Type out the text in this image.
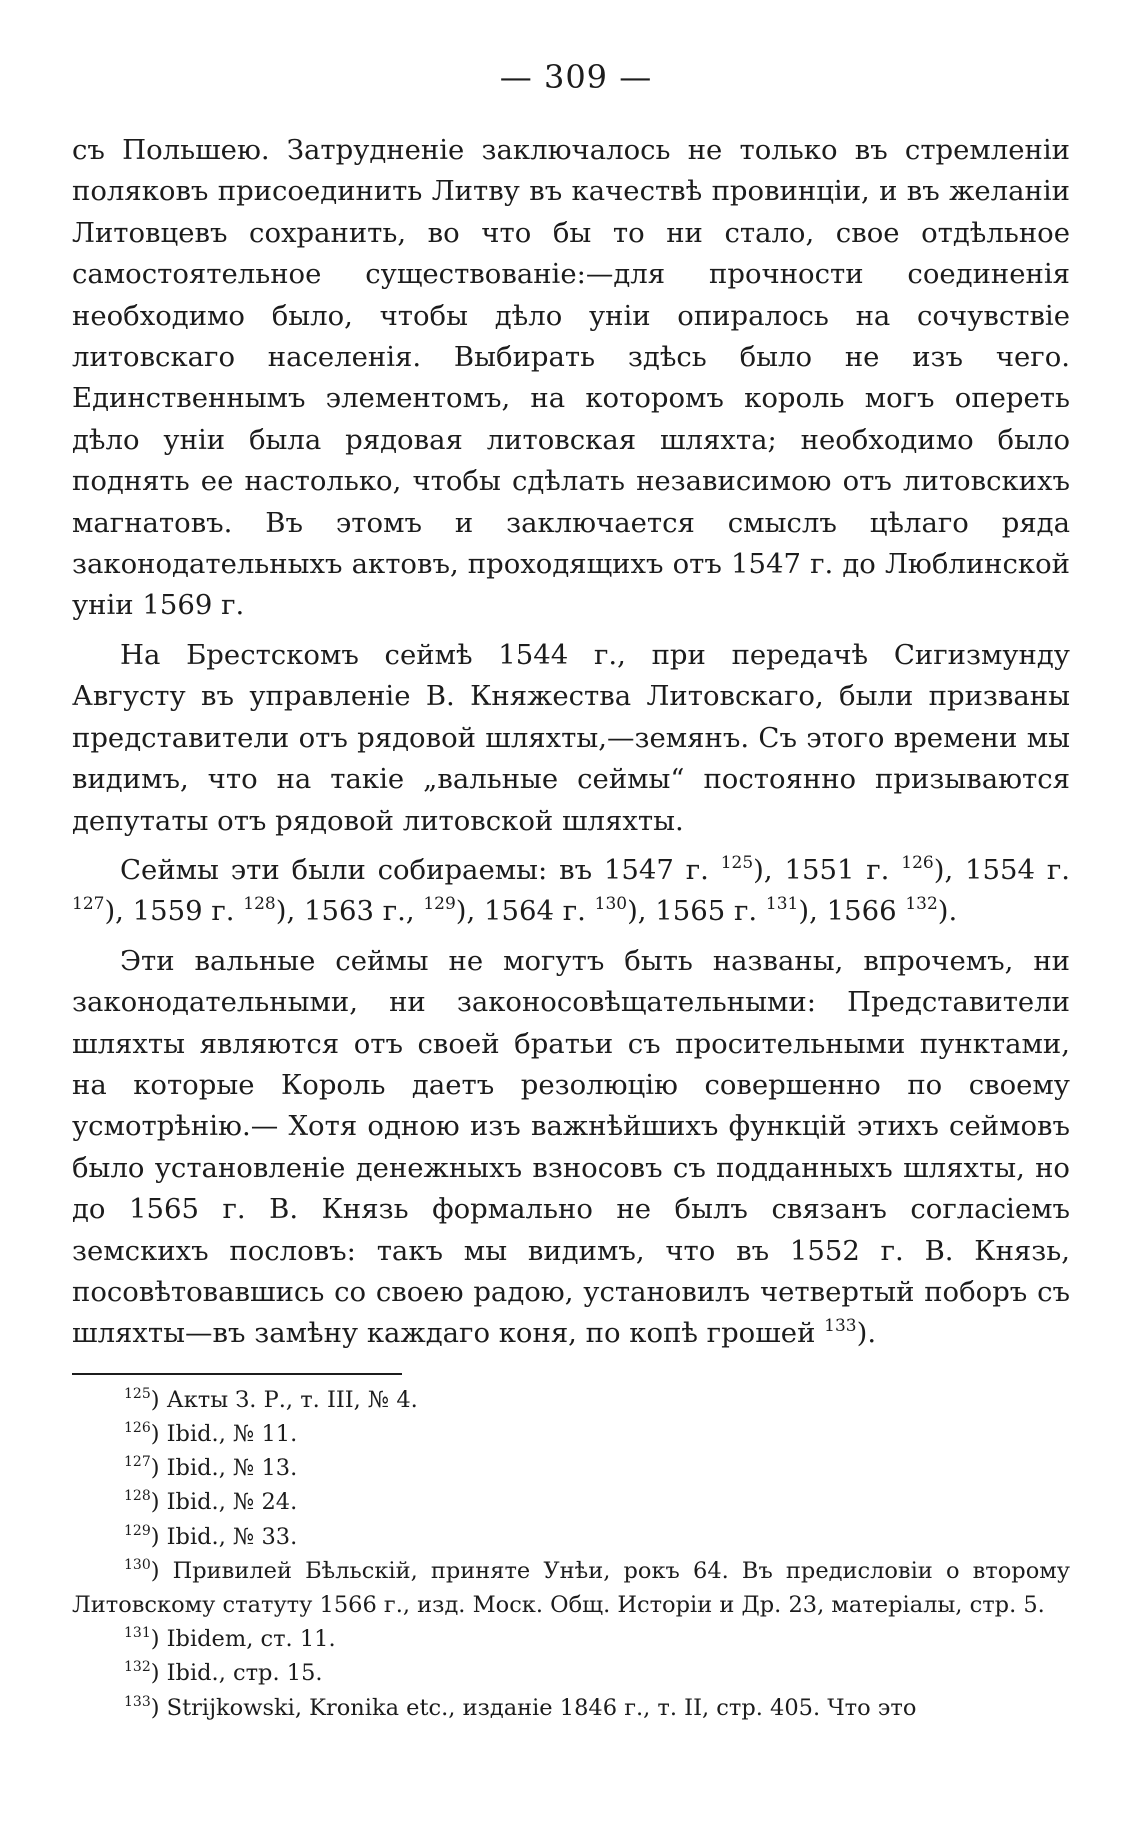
— 309 —

съ Польшею. Затрудненіе заключалось не только въ стремленіи поляковъ присоединить Литву въ качествѣ провинціи, и въ желаніи Литовцевъ сохранить, во что бы то ни стало, свое отдѣльное самостоятельное существованіе:—для прочности соединенія необходимо было, чтобы дѣло уніи опиралось на сочувствіе литовскаго населенія. Выбирать здѣсь было не изъ чего. Единственнымъ элементомъ, на которомъ король могъ опереть дѣло уніи была рядовая литовская шляхта; необходимо было поднять ее настолько, чтобы сдѣлать независимою отъ литовскихъ магнатовъ. Въ этомъ и заключается смыслъ цѣлаго ряда законодательныхъ актовъ, проходящихъ отъ 1547 г. до Люблинской уніи 1569 г.

На Брестскомъ сеймѣ 1544 г., при передачѣ Сигизмунду Августу въ управленіе В. Княжества Литовскаго, были призваны представители отъ рядовой шляхты,—земянъ. Съ этого времени мы видимъ, что на такіе „вальные сеймы“ постоянно призываются депутаты отъ рядовой литовской шляхты.

Сеймы эти были собираемы: въ 1547 г. $^{125}$), 1551 г. $^{126}$), 1554 г. $^{127}$), 1559 г. $^{128}$), 1563 г., $^{129}$), 1564 г. $^{130}$), 1565 г. $^{131}$), 1566 $^{132}$).

Эти вальные сеймы не могутъ быть названы, впрочемъ, ни законодательными, ни законосовѣщательными: Представители шляхты являются отъ своей братьи съ просительными пунктами, на которые Король даетъ резолюцію совершенно по своему усмотрѣнію.— Хотя одною изъ важнѣйшихъ функцій этихъ сеймовъ было установленіе денежныхъ взносовъ съ подданныхъ шляхты, но до 1565 г. В. Князь формально не былъ связанъ согласіемъ земскихъ пословъ: такъ мы видимъ, что въ 1552 г. В. Князь, посовѣтовавшись со своею радою, установилъ четвертый поборъ съ шляхты—въ замѣну каждаго коня, по копѣ грошей $^{133}$).

$^{125}$) Акты З. Р., т. III, № 4.

$^{126}$) Ibid., № 11.

$^{127}$) Ibid., № 13.

$^{128}$) Ibid., № 24.

$^{129}$) Ibid., № 33.

$^{130}$) Привилей Бѣльскій, принятe Унѣи, рокъ 64. Въ предисловіи о второму Литовскому статуту 1566 г., изд. Моск. Общ. Исторіи и Др. 23, матеріалы, стр. 5.

$^{131}$) Ibidem, ст. 11.

$^{132}$) Ibid., стр. 15.

$^{133}$) Strijkowski, Kronika etc., изданіе 1846 г., т. II, стр. 405. Что это
